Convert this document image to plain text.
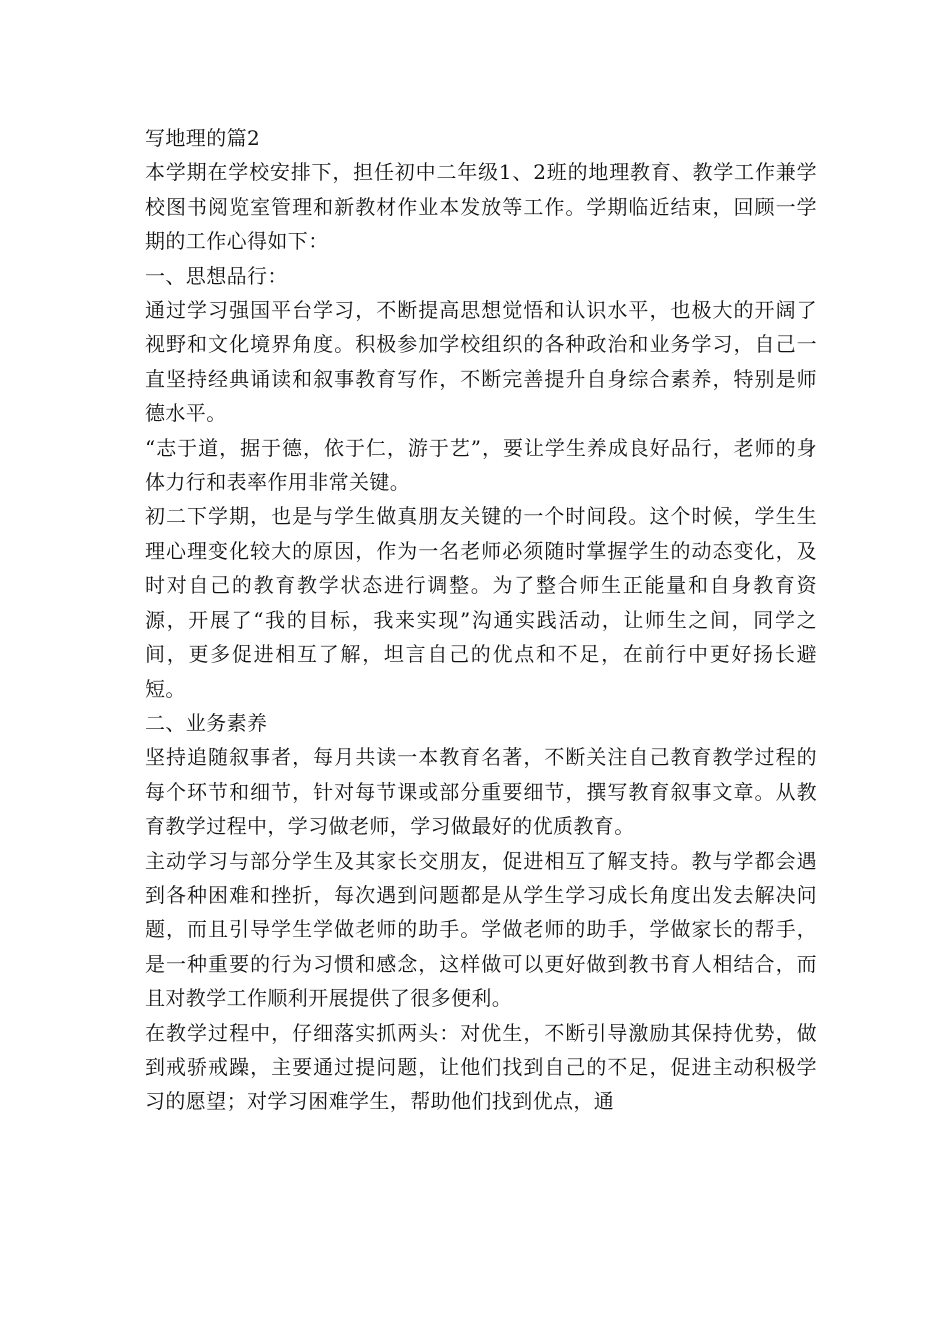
写地理的篇2

本学期在学校安排下，担任初中二年级1、2班的地理教育、教学工作兼学校图书阅览室管理和新教材作业本发放等工作。学期临近结束，回顾一学期的工作心得如下：

一、思想品行：

通过学习强国平台学习，不断提高思想觉悟和认识水平，也极大的开阔了视野和文化境界角度。积极参加学校组织的各种政治和业务学习，自己一直坚持经典诵读和叙事教育写作，不断完善提升自身综合素养，特别是师德水平。

“志于道，据于德，依于仁，游于艺”，要让学生养成良好品行，老师的身体力行和表率作用非常关键。

初二下学期，也是与学生做真朋友关键的一个时间段。这个时候，学生生理心理变化较大的原因，作为一名老师必须随时掌握学生的动态变化，及时对自己的教育教学状态进行调整。为了整合师生正能量和自身教育资源，开展了“我的目标，我来实现”沟通实践活动，让师生之间，同学之间，更多促进相互了解，坦言自己的优点和不足，在前行中更好扬长避短。

二、业务素养

坚持追随叙事者，每月共读一本教育名著，不断关注自己教育教学过程的每个环节和细节，针对每节课或部分重要细节，撰写教育叙事文章。从教育教学过程中，学习做老师，学习做最好的优质教育。

主动学习与部分学生及其家长交朋友，促进相互了解支持。教与学都会遇到各种困难和挫折，每次遇到问题都是从学生学习成长角度出发去解决问题，而且引导学生学做老师的助手。学做老师的助手，学做家长的帮手，是一种重要的行为习惯和感念，这样做可以更好做到教书育人相结合，而且对教学工作顺利开展提供了很多便利。

在教学过程中，仔细落实抓两头：对优生，不断引导激励其保持优势，做到戒骄戒躁，主要通过提问题，让他们找到自己的不足，促进主动积极学习的愿望；对学习困难学生，帮助他们找到优点，通
